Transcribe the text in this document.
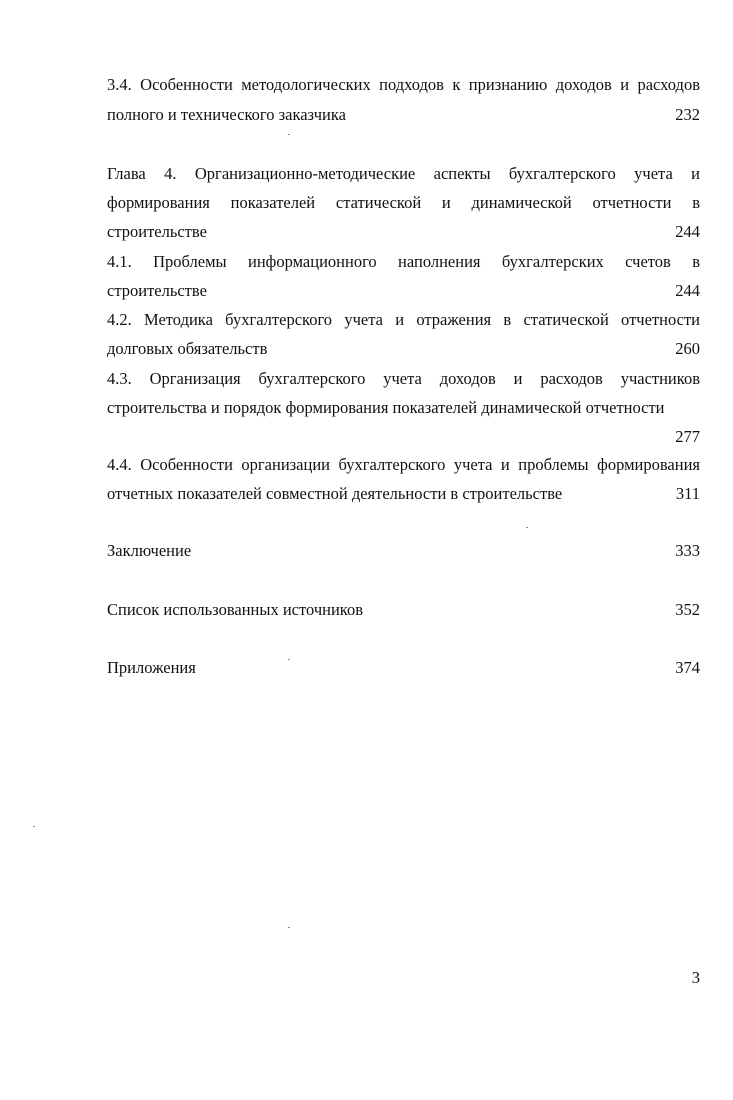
3.4. Особенности методологических подходов к признанию доходов и расходов
полного и технического заказчика	232
Глава 4. Организационно-методические аспекты бухгалтерского учета и
формирования показателей статической и динамической отчетности в
строительстве	244
4.1. Проблемы информационного наполнения бухгалтерских счетов в
строительстве	244
4.2. Методика бухгалтерского учета и отражения в статической отчетности
долговых обязательств	260
4.3. Организация бухгалтерского учета доходов и расходов участников
строительства и порядок формирования показателей динамической отчетности
277
4.4. Особенности организации бухгалтерского учета и проблемы формирования
отчетных показателей совместной деятельности в строительстве	311
Заключение	333
Список использованных источников	352
Приложения	374
3
